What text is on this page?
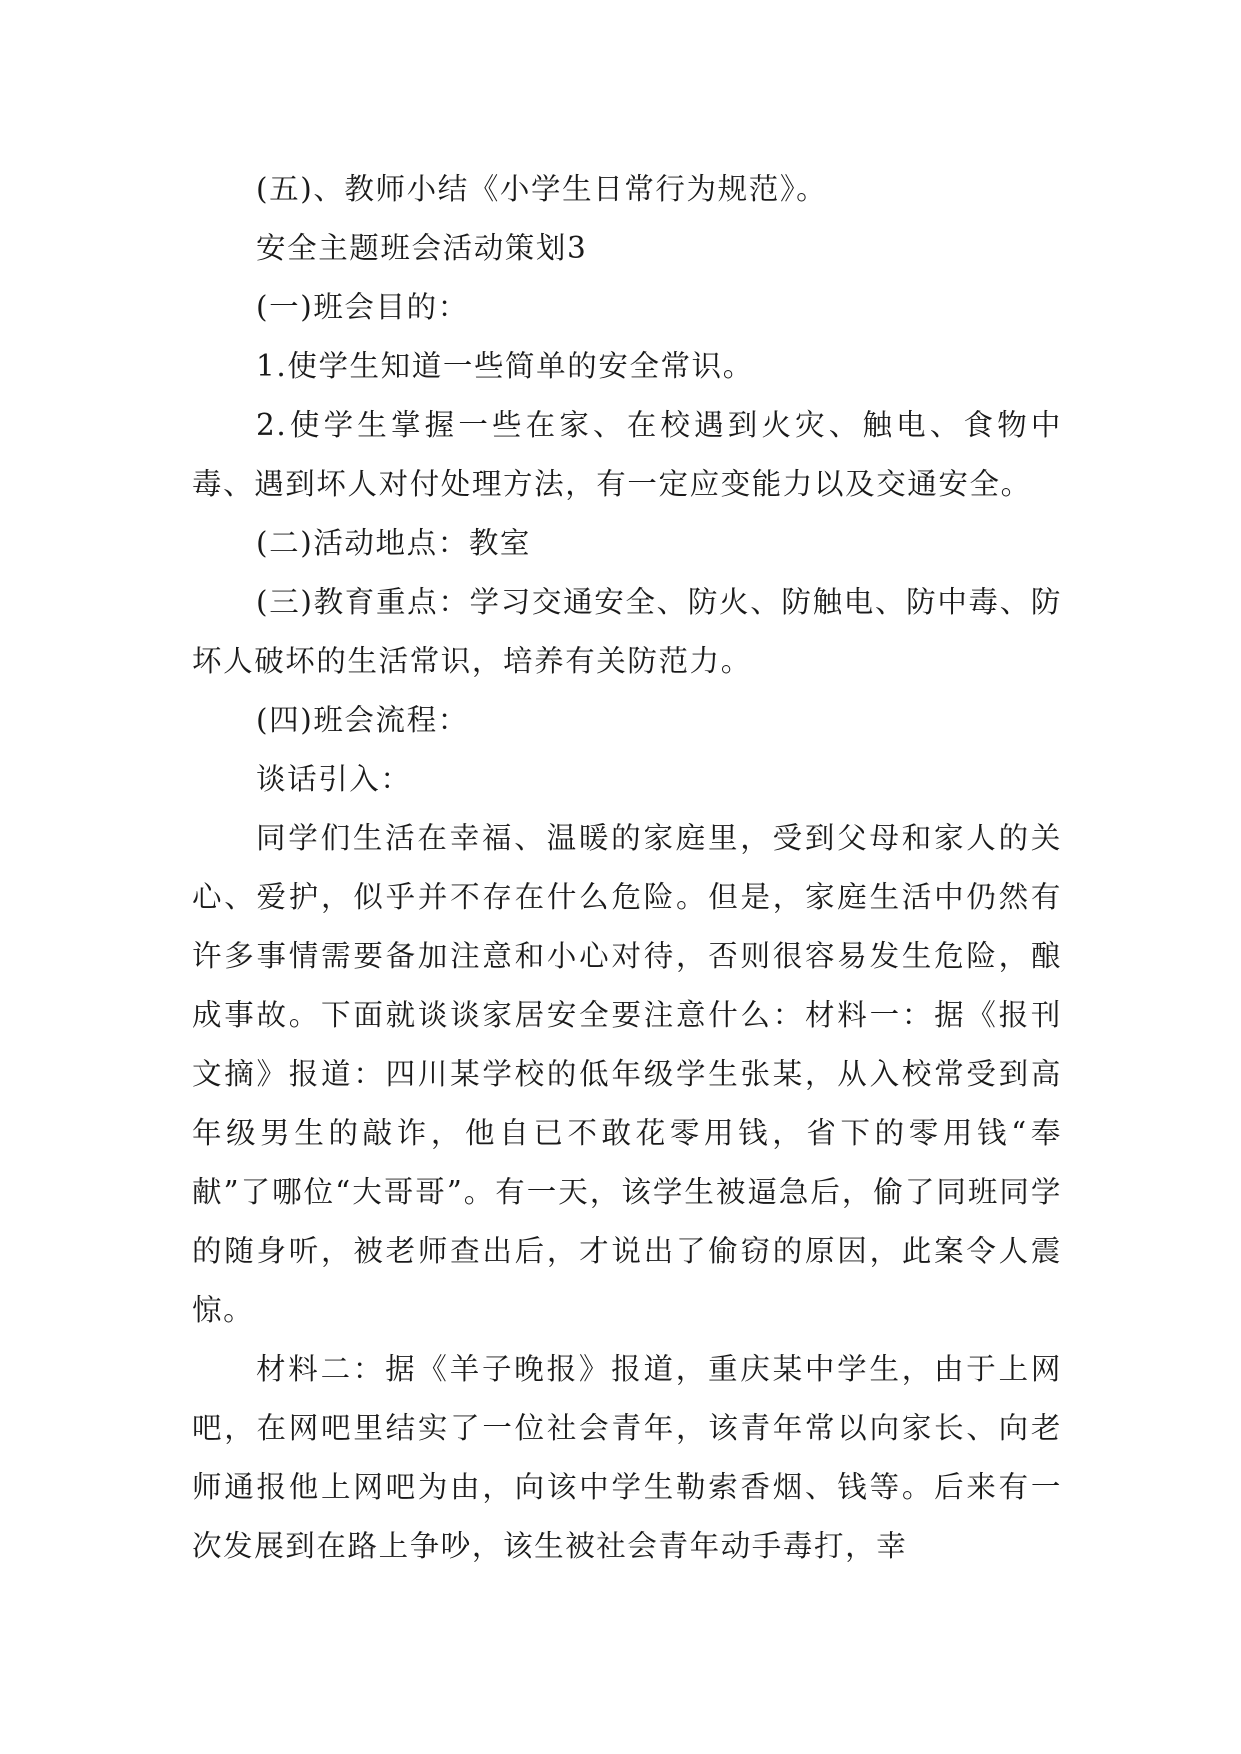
(五)、教师小结《小学生日常行为规范》。

安全主题班会活动策划3

(一)班会目的：

1.使学生知道一些简单的安全常识。

2.使学生掌握一些在家、在校遇到火灾、触电、食物中毒、遇到坏人对付处理方法，有一定应变能力以及交通安全。

(二)活动地点：教室

(三)教育重点：学习交通安全、防火、防触电、防中毒、防坏人破坏的生活常识，培养有关防范力。

(四)班会流程：

谈话引入：

同学们生活在幸福、温暖的家庭里，受到父母和家人的关心、爱护，似乎并不存在什么危险。但是，家庭生活中仍然有许多事情需要备加注意和小心对待，否则很容易发生危险，酿成事故。下面就谈谈家居安全要注意什么：材料一：据《报刊文摘》报道：四川某学校的低年级学生张某，从入校常受到高年级男生的敲诈，他自已不敢花零用钱，省下的零用钱“奉献”了哪位“大哥哥”。有一天，该学生被逼急后，偷了同班同学的随身听，被老师查出后，才说出了偷窃的原因，此案令人震惊。

材料二：据《羊子晚报》报道，重庆某中学生，由于上网吧，在网吧里结实了一位社会青年，该青年常以向家长、向老师通报他上网吧为由，向该中学生勒索香烟、钱等。后来有一次发展到在路上争吵，该生被社会青年动手毒打，幸
